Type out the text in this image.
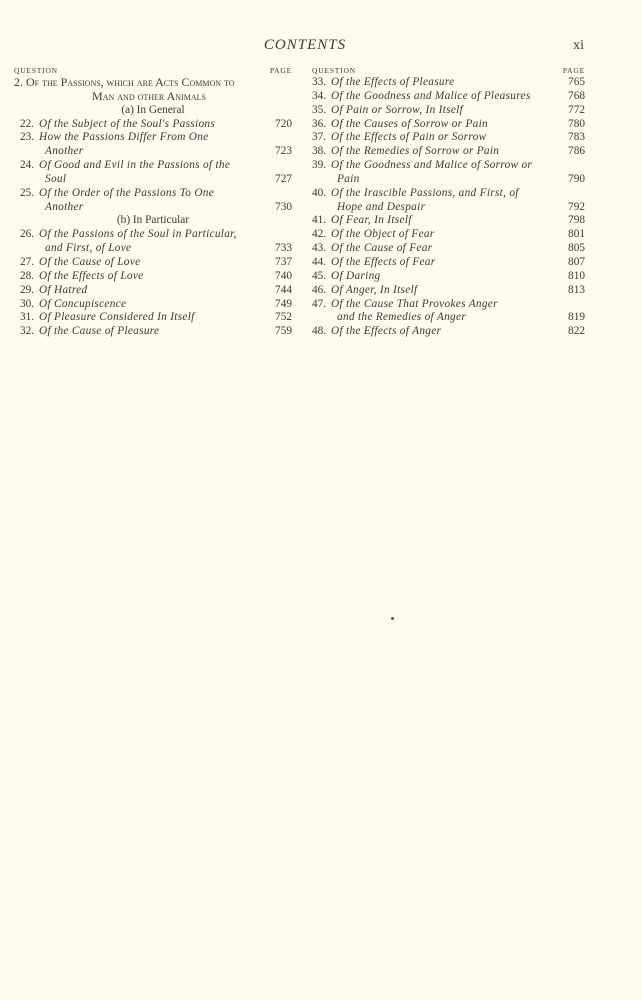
CONTENTS	xi
QUESTION	PAGE
2. Of the Passions, which are Acts Common to
Man and other Animals
(a) In General
22. Of the Subject of the Soul's Passions	720
23. How the Passions Differ From One
Another	723
24. Of Good and Evil in the Passions of the
Soul	727
25. Of the Order of the Passions To One
Another	730
(b) In Particular
26. Of the Passions of the Soul in Particular,
and First, of Love	733
27. Of the Cause of Love	737
28. Of the Effects of Love	740
29. Of Hatred	744
30. Of Concupiscence	749
31. Of Pleasure Considered In Itself	752
32. Of the Cause of Pleasure	759
QUESTION	PAGE
33. Of the Effects of Pleasure	765
34. Of the Goodness and Malice of Pleasures	768
35. Of Pain or Sorrow, In Itself	772
36. Of the Causes of Sorrow or Pain	780
37. Of the Effects of Pain or Sorrow	783
38. Of the Remedies of Sorrow or Pain	786
39. Of the Goodness and Malice of Sorrow or
Pain	790
40. Of the Irascible Passions, and First, of
Hope and Despair	792
41. Of Fear, In Itself	798
42. Of the Object of Fear	801
43. Of the Cause of Fear	805
44. Of the Effects of Fear	807
45. Of Daring	810
46. Of Anger, In Itself	813
47. Of the Cause That Provokes Anger
and the Remedies of Anger	819
48. Of the Effects of Anger	822
